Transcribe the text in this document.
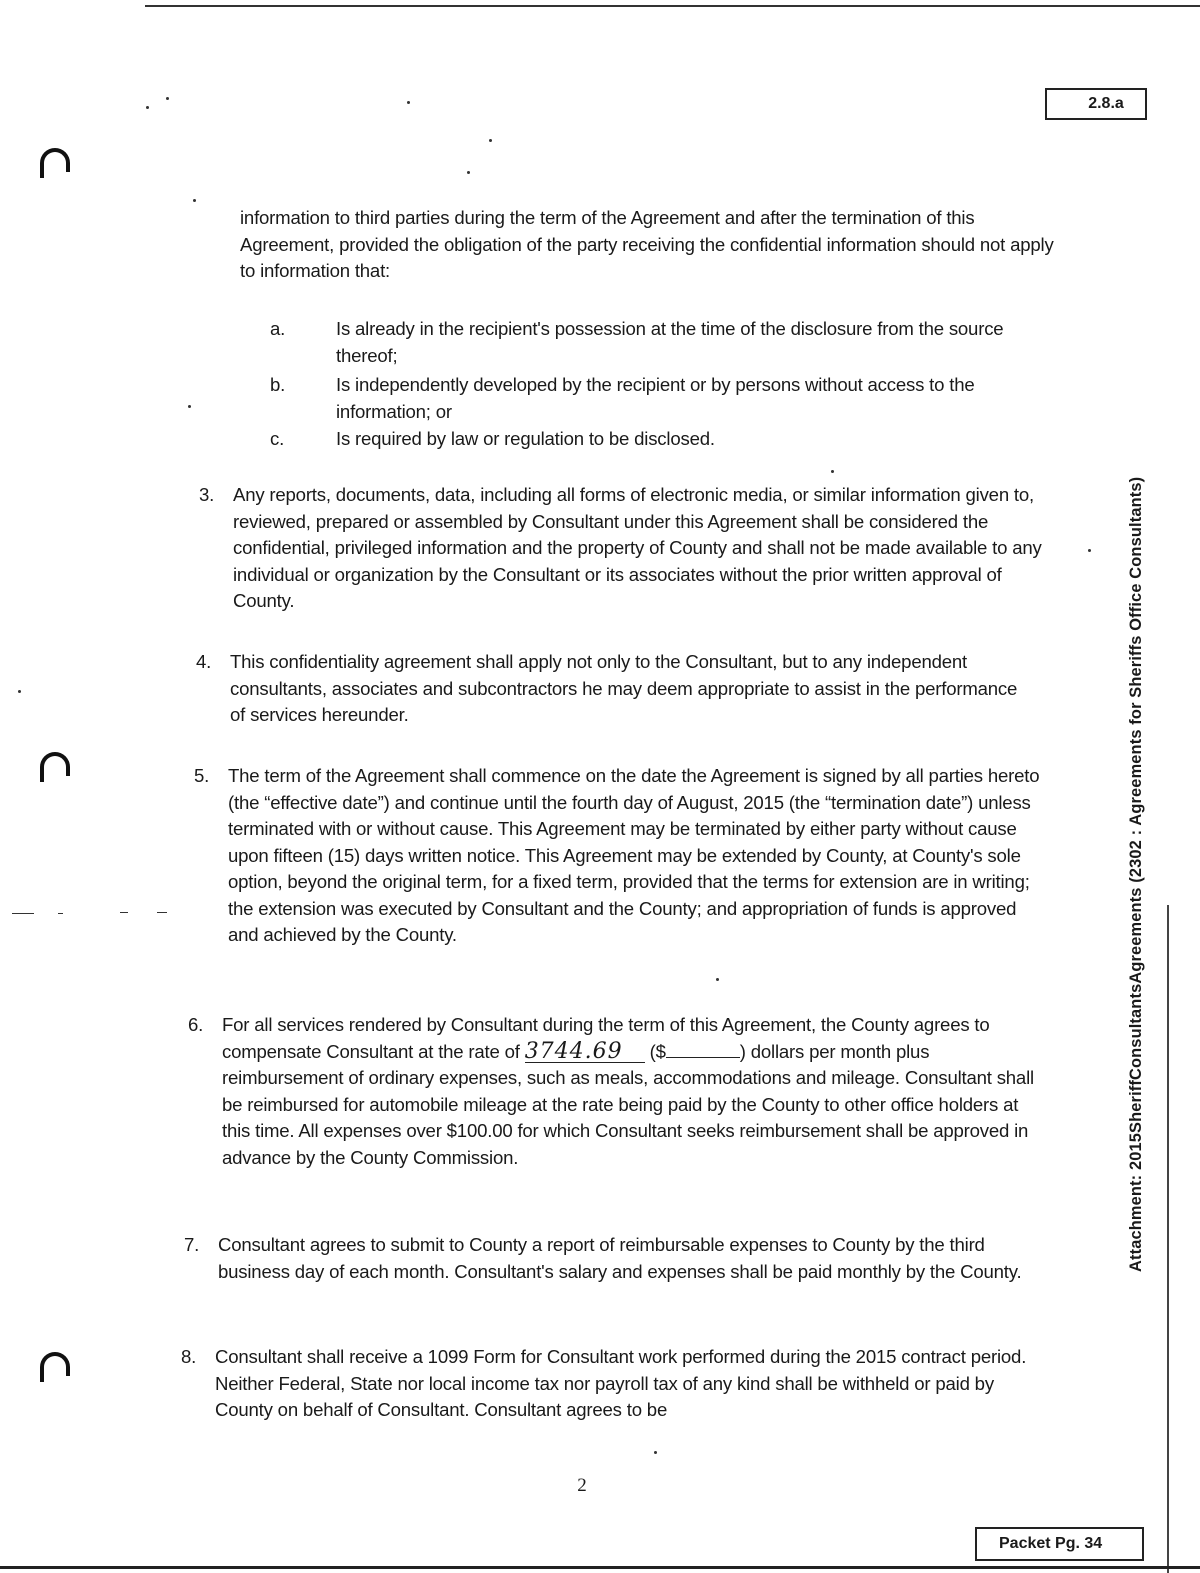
2.8.a
information to third parties during the term of the Agreement and after the termination of this Agreement, provided the obligation of the party receiving the confidential information should not apply to information that:
a.	Is already in the recipient's possession at the time of the disclosure from the source thereof;
b.	Is independently developed by the recipient or by persons without access to the information; or
c.	Is required by law or regulation to be disclosed.
3. Any reports, documents, data, including all forms of electronic media, or similar information given to, reviewed, prepared or assembled by Consultant under this Agreement shall be considered the confidential, privileged information and the property of County and shall not be made available to any individual or organization by the Consultant or its associates without the prior written approval of County.
4. This confidentiality agreement shall apply not only to the Consultant, but to any independent consultants, associates and subcontractors he may deem appropriate to assist in the performance of services hereunder.
5. The term of the Agreement shall commence on the date the Agreement is signed by all parties hereto (the “effective date”) and continue until the fourth day of August, 2015 (the “termination date”) unless terminated with or without cause. This Agreement may be terminated by either party without cause upon fifteen (15) days written notice. This Agreement may be extended by County, at County's sole option, beyond the original term, for a fixed term, provided that the terms for extension are in writing; the extension was executed by Consultant and the County; and appropriation of funds is approved and achieved by the County.
6. For all services rendered by Consultant during the term of this Agreement, the County agrees to compensate Consultant at the rate of 3744.69 ($	) dollars per month plus reimbursement of ordinary expenses, such as meals, accommodations and mileage. Consultant shall be reimbursed for automobile mileage at the rate being paid by the County to other office holders at this time. All expenses over $100.00 for which Consultant seeks reimbursement shall be approved in advance by the County Commission.
7. Consultant agrees to submit to County a report of reimbursable expenses to County by the third business day of each month. Consultant's salary and expenses shall be paid monthly by the County.
8. Consultant shall receive a 1099 Form for Consultant work performed during the 2015 contract period. Neither Federal, State nor local income tax nor payroll tax of any kind shall be withheld or paid by County on behalf of Consultant. Consultant agrees to be
Attachment: 2015SheriffConsultantsAgreements (2302 : Agreements for Sheriffs Office Consultants)
2
Packet Pg. 34
